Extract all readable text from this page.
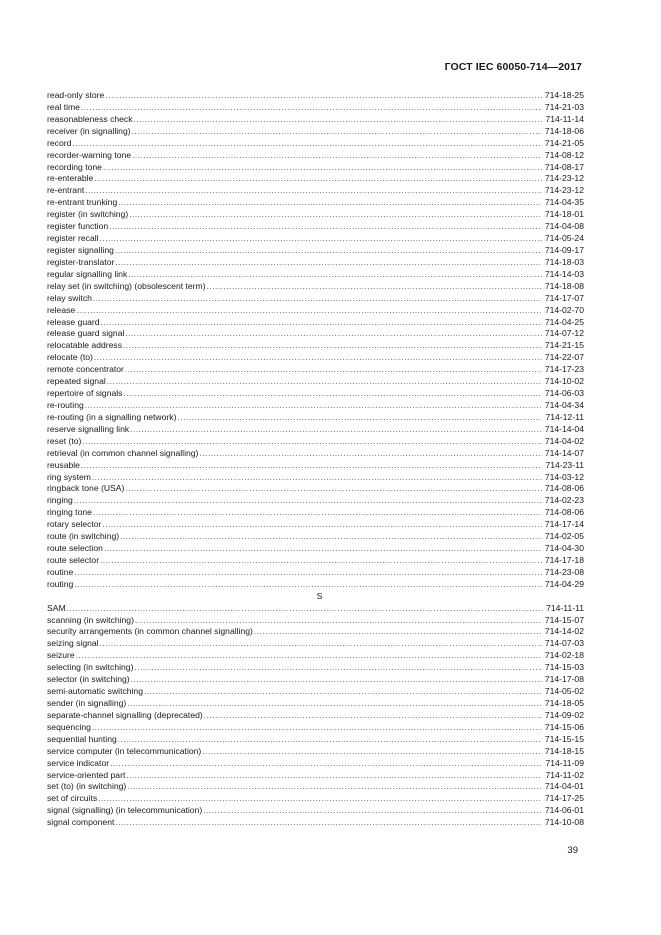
ГОСТ IEC 60050-714—2017
read-only store .....	714-18-25
real time .....	714-21-03
reasonableness check .....	714-11-14
receiver (in signalling) .....	714-18-06
record .....	714-21-05
recorder-warning tone .....	714-08-12
recording tone .....	714-08-17
re-enterable .....	714-23-12
re-entrant .....	714-23-12
re-entrant trunking .....	714-04-35
register (in switching) .....	714-18-01
register function .....	714-04-08
register recall .....	714-05-24
register signalling .....	714-09-17
register-translator .....	714-18-03
regular signalling link .....	714-14-03
relay set (in switching) (obsolescent term) .....	714-18-08
relay switch .....	714-17-07
release .....	714-02-70
release guard .....	714-04-25
release guard signal .....	714-07-12
relocatable address .....	714-21-15
relocate (to) .....	714-22-07
remote concentrator .....	714-17-23
repeated signal .....	714-10-02
repertoire of signals .....	714-06-03
re-routing .....	714-04-34
re-routing (in a signalling network) .....	714-12-11
reserve signalling link .....	714-14-04
reset (to) .....	714-04-02
retrieval (in common channel signalling) .....	714-14-07
reusable .....	714-23-11
ring system .....	714-03-12
ringback tone (USA) .....	714-08-06
ringing .....	714-02-23
ringing tone .....	714-08-06
rotary selector .....	714-17-14
route (in switching) .....	714-02-05
route selection .....	714-04-30
route selector .....	714-17-18
routine .....	714-23-08
routing .....	714-04-29
S
SAM .....	714-11-11
scanning (in switching) .....	714-15-07
security arrangements (in common channel signalling) .....	714-14-02
seizing signal .....	714-07-03
seizure .....	714-02-18
selecting (in switching) .....	714-15-03
selector (in switching) .....	714-17-08
semi-automatic switching .....	714-05-02
sender (in signalling) .....	714-18-05
separate-channel signalling (deprecated) .....	714-09-02
sequencing .....	714-15-06
sequential hunting .....	714-15-15
service computer (in telecommunication) .....	714-18-15
service indicator .....	714-11-09
service-oriented part .....	714-11-02
set (to) (in switching) .....	714-04-01
set of circuits .....	714-17-25
signal (signalling) (in telecommunication) .....	714-06-01
signal component .....	714-10-08
39
